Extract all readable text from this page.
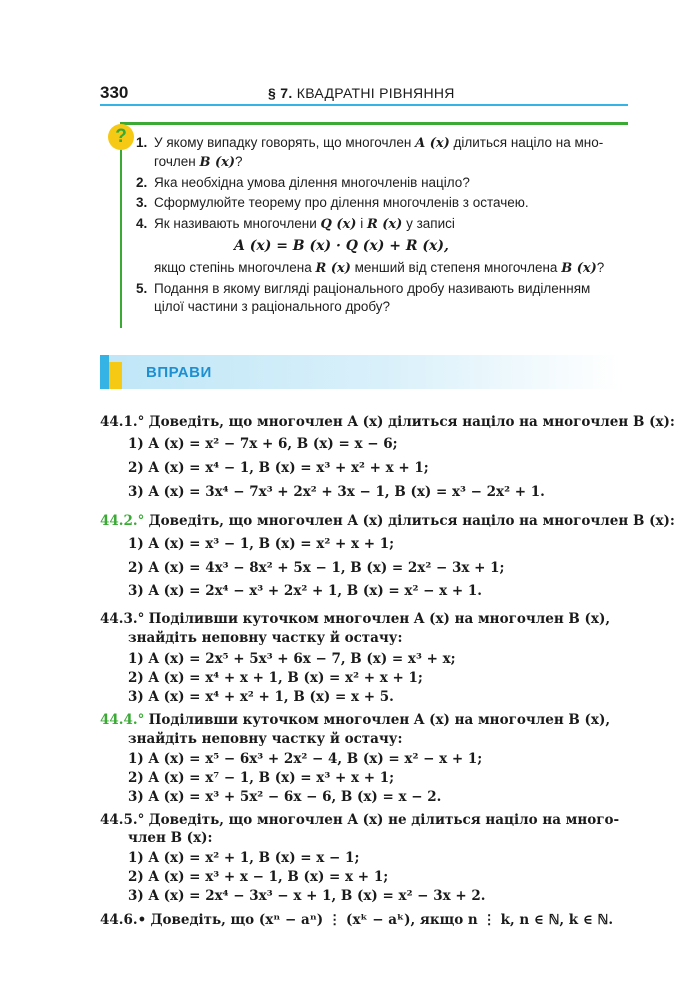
330	§ 7. КВАДРАТНІ РІВНЯННЯ
? 1. У якому випадку говорять, що многочлен A (x) ділиться націло на мно-
гочлен B (x)?
2. Яка необхідна умова ділення многочленів націло?
3. Сформулюйте теорему про ділення многочленів з остачею.
4. Як називають многочлени Q (x) і R (x) у записі
A (x) = B (x) · Q (x) + R (x),
якщо степінь многочлена R (x) менший від степеня многочлена B (x)?
5. Подання в якому вигляді раціонального дробу називають виділенням
цілої частини з раціонального дробу?
ВПРАВИ
44.1.° Доведіть, що многочлен A (x) ділиться націло на многочлен B (x):
1) A (x) = x² − 7x + 6, B (x) = x − 6;
2) A (x) = x⁴ − 1, B (x) = x³ + x² + x + 1;
3) A (x) = 3x⁴ − 7x³ + 2x² + 3x − 1, B (x) = x³ − 2x² + 1.
44.2.° Доведіть, що многочлен A (x) ділиться націло на многочлен B (x):
1) A (x) = x³ − 1, B (x) = x² + x + 1;
2) A (x) = 4x³ − 8x² + 5x − 1, B (x) = 2x² − 3x + 1;
3) A (x) = 2x⁴ − x³ + 2x² + 1, B (x) = x² − x + 1.
44.3.° Поділивши куточком многочлен A (x) на многочлен B (x),
знайдіть неповну частку й остачу:
1) A (x) = 2x⁵ + 5x³ + 6x − 7, B (x) = x³ + x;
2) A (x) = x⁴ + x + 1, B (x) = x² + x + 1;
3) A (x) = x⁴ + x² + 1, B (x) = x + 5.
44.4.° Поділивши куточком многочлен A (x) на многочлен B (x),
знайдіть неповну частку й остачу:
1) A (x) = x⁵ − 6x³ + 2x² − 4, B (x) = x² − x + 1;
2) A (x) = x⁷ − 1, B (x) = x³ + x + 1;
3) A (x) = x³ + 5x² − 6x − 6, B (x) = x − 2.
44.5.° Доведіть, що многочлен A (x) не ділиться націло на много-
член B (x):
1) A (x) = x² + 1, B (x) = x − 1;
2) A (x) = x³ + x − 1, B (x) = x + 1;
3) A (x) = 2x⁴ − 3x³ − x + 1, B (x) = x² − 3x + 2.
44.6.• Доведіть, що (xⁿ − aⁿ) ⋮ (xᵏ − aᵏ), якщо n ⋮ k, n ∈ ℕ, k ∈ ℕ.
